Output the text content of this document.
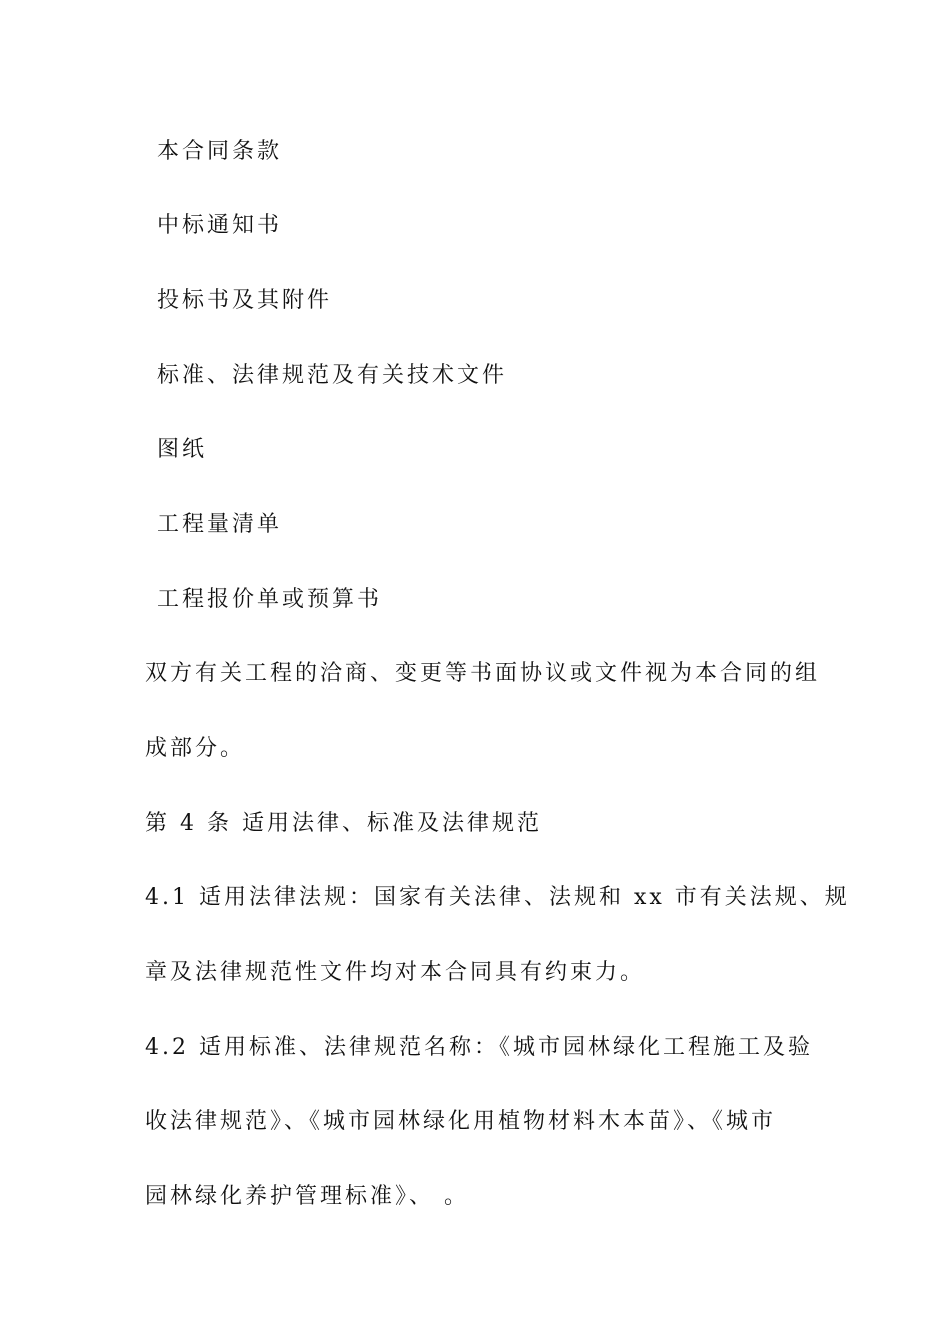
本合同条款
中标通知书
投标书及其附件
标准、法律规范及有关技术文件
图纸
工程量清单
工程报价单或预算书
双方有关工程的洽商、变更等书面协议或文件视为本合同的组
成部分。
第 4 条 适用法律、标准及法律规范
4.1 适用法律法规：国家有关法律、法规和 xx 市有关法规、规
章及法律规范性文件均对本合同具有约束力。
4.2 适用标准、法律规范名称：《城市园林绿化工程施工及验
收法律规范》、《城市园林绿化用植物材料木本苗》、《城市
园林绿化养护管理标准》、 。
